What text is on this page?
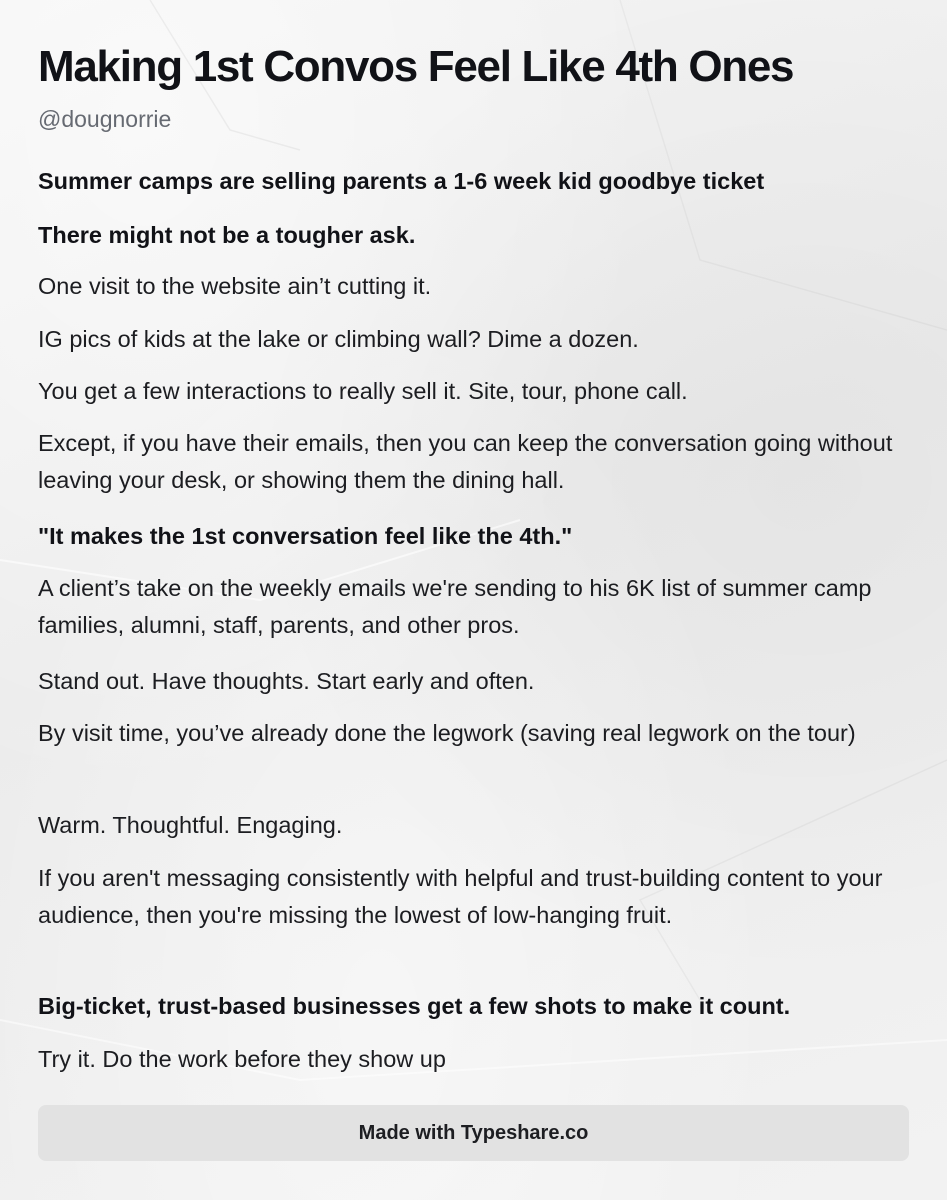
Making 1st Convos Feel Like 4th Ones
@dougnorrie

Summer camps are selling parents a 1-6 week kid goodbye ticket

There might not be a tougher ask.

One visit to the website ain’t cutting it.

IG pics of kids at the lake or climbing wall? Dime a dozen.

You get a few interactions to really sell it. Site, tour, phone call.

Except, if you have their emails, then you can keep the conversation going without leaving your desk, or showing them the dining hall.

"It makes the 1st conversation feel like the 4th."

A client’s take on the weekly emails we're sending to his 6K list of summer camp families, alumni, staff, parents, and other pros.

Stand out. Have thoughts. Start early and often.

By visit time, you’ve already done the legwork (saving real legwork on the tour)

Warm. Thoughtful. Engaging.

If you aren't messaging consistently with helpful and trust-building content to your audience, then you're missing the lowest of low-hanging fruit.

Big-ticket, trust-based businesses get a few shots to make it count.

Try it. Do the work before they show up

Made with Typeshare.co
